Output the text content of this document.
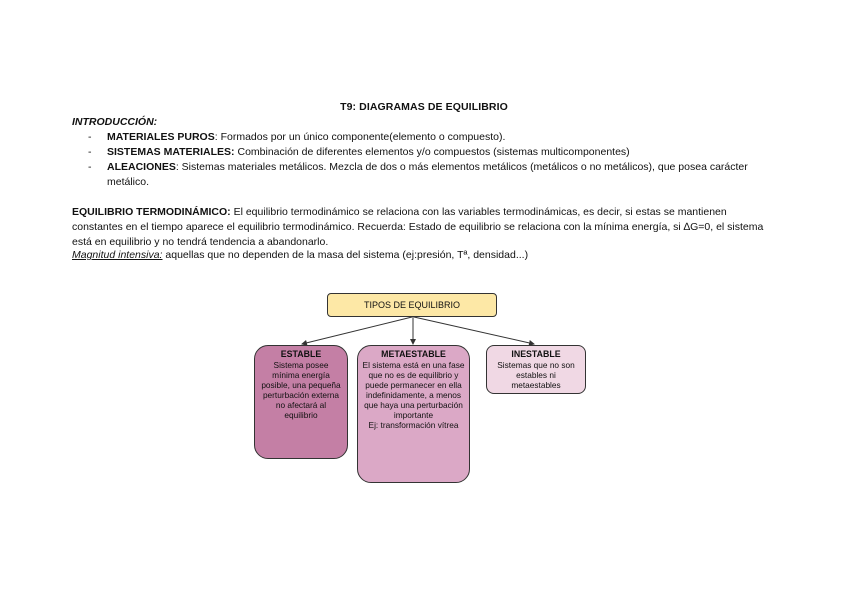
T9: DIAGRAMAS DE EQUILIBRIO
INTRODUCCIÓN:
- MATERIALES PUROS: Formados por un único componente(elemento o compuesto).
- SISTEMAS MATERIALES: Combinación de diferentes elementos y/o compuestos (sistemas multicomponentes)
- ALEACIONES: Sistemas materiales metálicos. Mezcla de dos o más elementos metálicos (metálicos o no metálicos), que posea carácter metálico.
EQUILIBRIO TERMODINÁMICO: El equilibrio termodinámico se relaciona con las variables termodinámicas, es decir, si estas se mantienen constantes en el tiempo aparece el equilibrio termodinámico. Recuerda: Estado de equilibrio se relaciona con la mínima energía, si ∆G=0, el sistema está en equilibrio y no tendrá tendencia a abandonarlo.
Magnitud intensiva: aquellas que no dependen de la masa del sistema (ej:presión, Tª, densidad...)
TIPOS DE EQUILIBRIO
ESTABLE
Sistema posee mínima energía posible, una pequeña perturbación externa no afectará al equilibrio
METAESTABLE
El sistema está en una fase que no es de equilibrio y puede permanecer en ella indefinidamente, a menos que haya una perturbación importante
Ej: transformación vítrea
INESTABLE
Sistemas que no son estables ni metaestables
